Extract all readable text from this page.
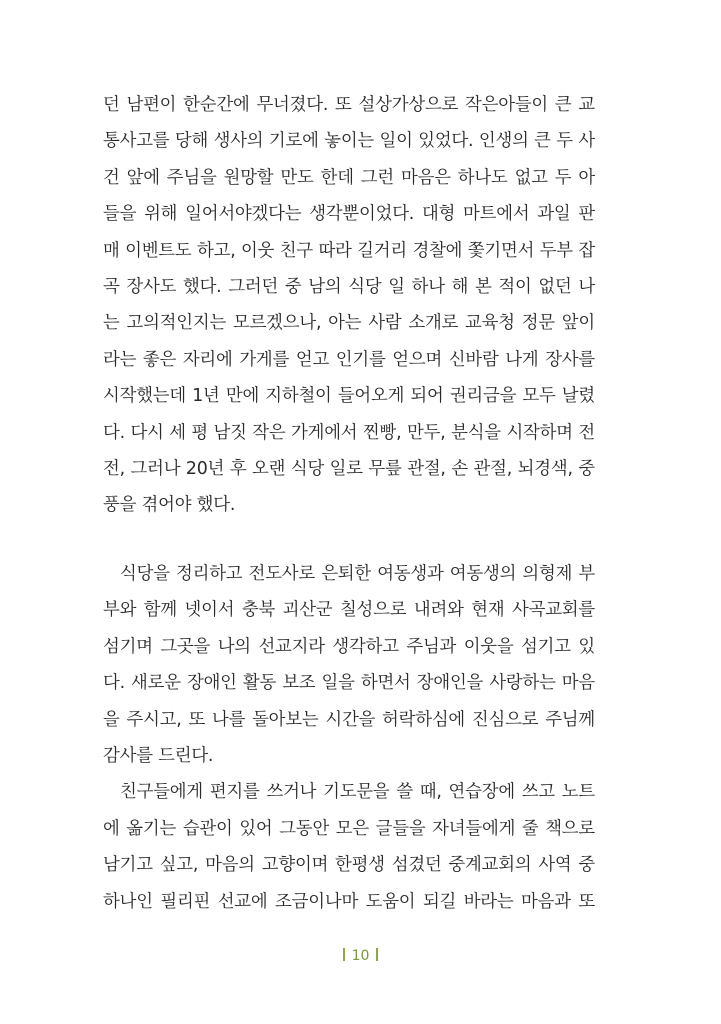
던 남편이 한순간에 무너졌다. 또 설상가상으로 작은아들이 큰 교
통사고를 당해 생사의 기로에 놓이는 일이 있었다. 인생의 큰 두 사
건 앞에 주님을 원망할 만도 한데 그런 마음은 하나도 없고 두 아
들을 위해 일어서야겠다는 생각뿐이었다. 대형 마트에서 과일 판
매 이벤트도 하고, 이웃 친구 따라 길거리 경찰에 쫓기면서 두부 잡
곡 장사도 했다. 그러던 중 남의 식당 일 하나 해 본 적이 없던 나
는 고의적인지는 모르겠으나, 아는 사람 소개로 교육청 정문 앞이
라는 좋은 자리에 가게를 얻고 인기를 얻으며 신바람 나게 장사를
시작했는데 1년 만에 지하철이 들어오게 되어 권리금을 모두 날렸
다. 다시 세 평 남짓 작은 가게에서 찐빵, 만두, 분식을 시작하며 전
전, 그러나 20년 후 오랜 식당 일로 무릎 관절, 손 관절, 뇌경색, 중
풍을 겪어야 했다.
식당을 정리하고 전도사로 은퇴한 여동생과 여동생의 의형제 부
부와 함께 넷이서 충북 괴산군 칠성으로 내려와 현재 사곡교회를
섬기며 그곳을 나의 선교지라 생각하고 주님과 이웃을 섬기고 있
다. 새로운 장애인 활동 보조 일을 하면서 장애인을 사랑하는 마음
을 주시고, 또 나를 돌아보는 시간을 허락하심에 진심으로 주님께
감사를 드린다.
친구들에게 편지를 쓰거나 기도문을 쓸 때, 연습장에 쓰고 노트
에 옮기는 습관이 있어 그동안 모은 글들을 자녀들에게 줄 책으로
남기고 싶고, 마음의 고향이며 한평생 섬겼던 중계교회의 사역 중
하나인 필리핀 선교에 조금이나마 도움이 되길 바라는 마음과 또
10
